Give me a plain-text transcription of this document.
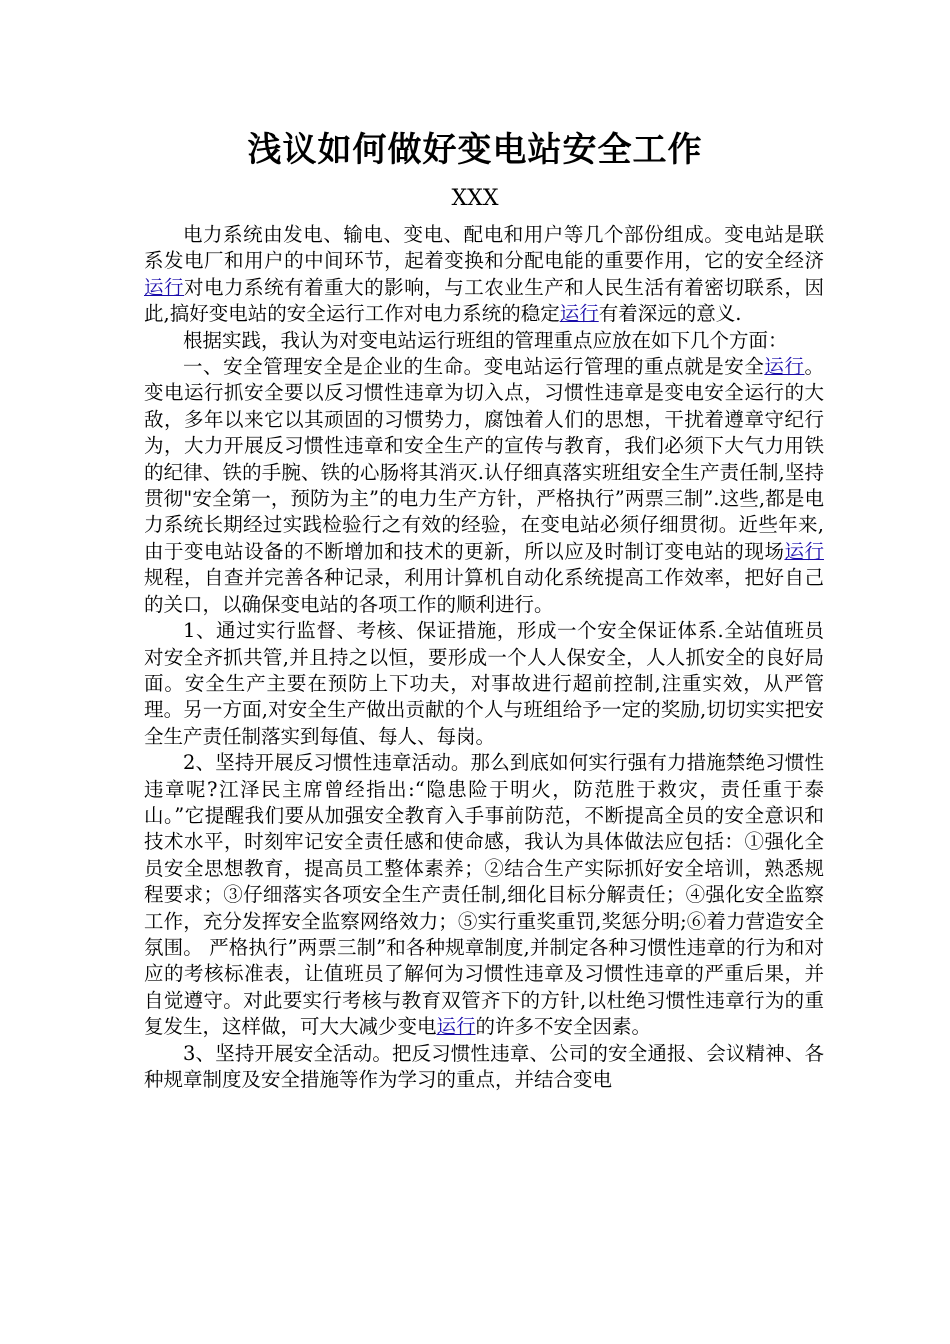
浅议如何做好变电站安全工作
XXX

电力系统由发电、输电、变电、配电和用户等几个部份组成。变电站是联系发电厂和用户的中间环节，起着变换和分配电能的重要作用，它的安全经济运行对电力系统有着重大的影响，与工农业生产和人民生活有着密切联系，因此,搞好变电站的安全运行工作对电力系统的稳定运行有着深远的意义.

根据实践，我认为对变电站运行班组的管理重点应放在如下几个方面：

一、安全管理安全是企业的生命。变电站运行管理的重点就是安全运行。变电运行抓安全要以反习惯性违章为切入点，习惯性违章是变电安全运行的大敌，多年以来它以其顽固的习惯势力，腐蚀着人们的思想，干扰着遵章守纪行为，大力开展反习惯性违章和安全生产的宣传与教育，我们必须下大气力用铁的纪律、铁的手腕、铁的心肠将其消灭.认仔细真落实班组安全生产责任制,坚持贯彻"安全第一，预防为主”的电力生产方针，严格执行”两票三制”.这些,都是电力系统长期经过实践检验行之有效的经验，在变电站必须仔细贯彻。近些年来,由于变电站设备的不断增加和技术的更新，所以应及时制订变电站的现场运行规程，自查并完善各种记录，利用计算机自动化系统提高工作效率，把好自己的关口，以确保变电站的各项工作的顺利进行。

1、通过实行监督、考核、保证措施，形成一个安全保证体系.全站值班员对安全齐抓共管,并且持之以恒，要形成一个人人保安全，人人抓安全的良好局面。安全生产主要在预防上下功夫，对事故进行超前控制,注重实效，从严管理。另一方面,对安全生产做出贡献的个人与班组给予一定的奖励,切切实实把安全生产责任制落实到每值、每人、每岗。

2、坚持开展反习惯性违章活动。那么到底如何实行强有力措施禁绝习惯性违章呢?江泽民主席曾经指出:“隐患险于明火，防范胜于救灾，责任重于泰山。”它提醒我们要从加强安全教育入手事前防范，不断提高全员的安全意识和技术水平，时刻牢记安全责任感和使命感，我认为具体做法应包括：①强化全员安全思想教育，提高员工整体素养；②结合生产实际抓好安全培训，熟悉规程要求；③仔细落实各项安全生产责任制,细化目标分解责任；④强化安全监察工作，充分发挥安全监察网络效力；⑤实行重奖重罚,奖惩分明;⑥着力营造安全氛围。 严格执行”两票三制”和各种规章制度,并制定各种习惯性违章的行为和对应的考核标准表，让值班员了解何为习惯性违章及习惯性违章的严重后果，并自觉遵守。对此要实行考核与教育双管齐下的方针,以杜绝习惯性违章行为的重复发生，这样做，可大大减少变电运行的许多不安全因素。

3、坚持开展安全活动。把反习惯性违章、公司的安全通报、会议精神、各种规章制度及安全措施等作为学习的重点，并结合变电
